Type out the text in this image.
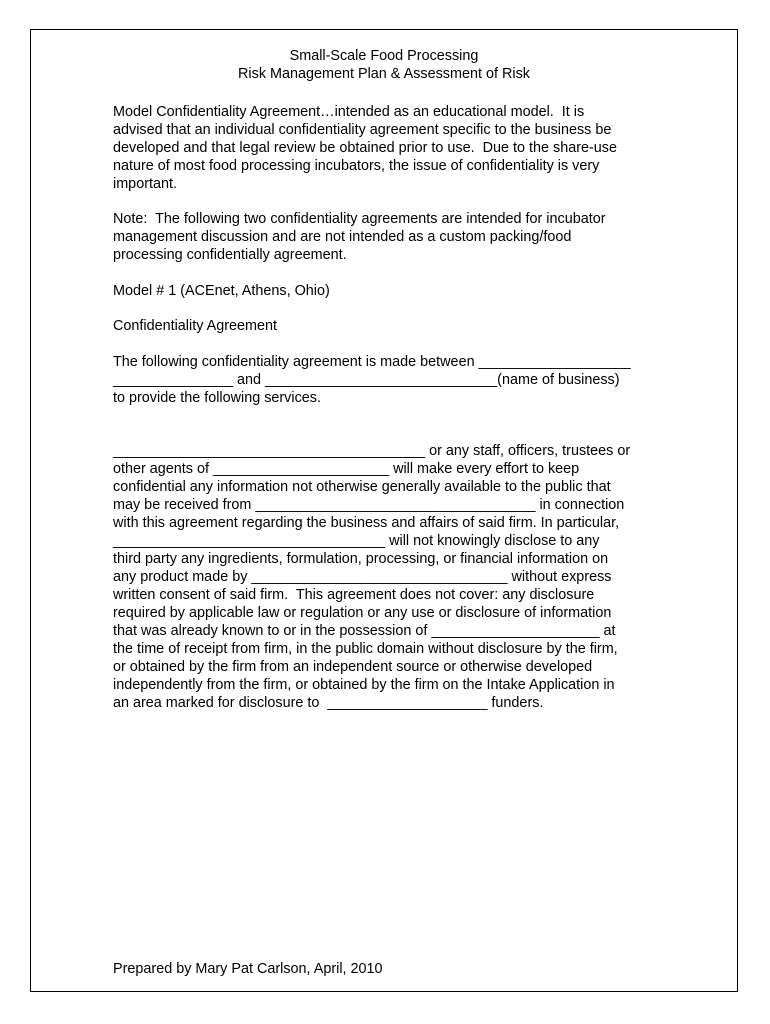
Small-Scale Food Processing
Risk Management Plan & Assessment of Risk
Model Confidentiality Agreement…intended as an educational model.  It is
advised that an individual confidentiality agreement specific to the business be
developed and that legal review be obtained prior to use.  Due to the share-use
nature of most food processing incubators, the issue of confidentiality is very
important.
Note:  The following two confidentiality agreements are intended for incubator
management discussion and are not intended as a custom packing/food
processing confidentially agreement.
Model # 1 (ACEnet, Athens, Ohio)
Confidentiality Agreement
The following confidentiality agreement is made between ___________________
_______________ and _____________________________(name of business)
to provide the following services.
_______________________________________ or any staff, officers, trustees or
other agents of ______________________ will make every effort to keep
confidential any information not otherwise generally available to the public that
may be received from ___________________________________ in connection
with this agreement regarding the business and affairs of said firm. In particular,
__________________________________ will not knowingly disclose to any
third party any ingredients, formulation, processing, or financial information on
any product made by ________________________________ without express
written consent of said firm.  This agreement does not cover: any disclosure
required by applicable law or regulation or any use or disclosure of information
that was already known to or in the possession of _____________________ at
the time of receipt from firm, in the public domain without disclosure by the firm,
or obtained by the firm from an independent source or otherwise developed
independently from the firm, or obtained by the firm on the Intake Application in
an area marked for disclosure to  ____________________ funders.
Prepared by Mary Pat Carlson, April, 2010
